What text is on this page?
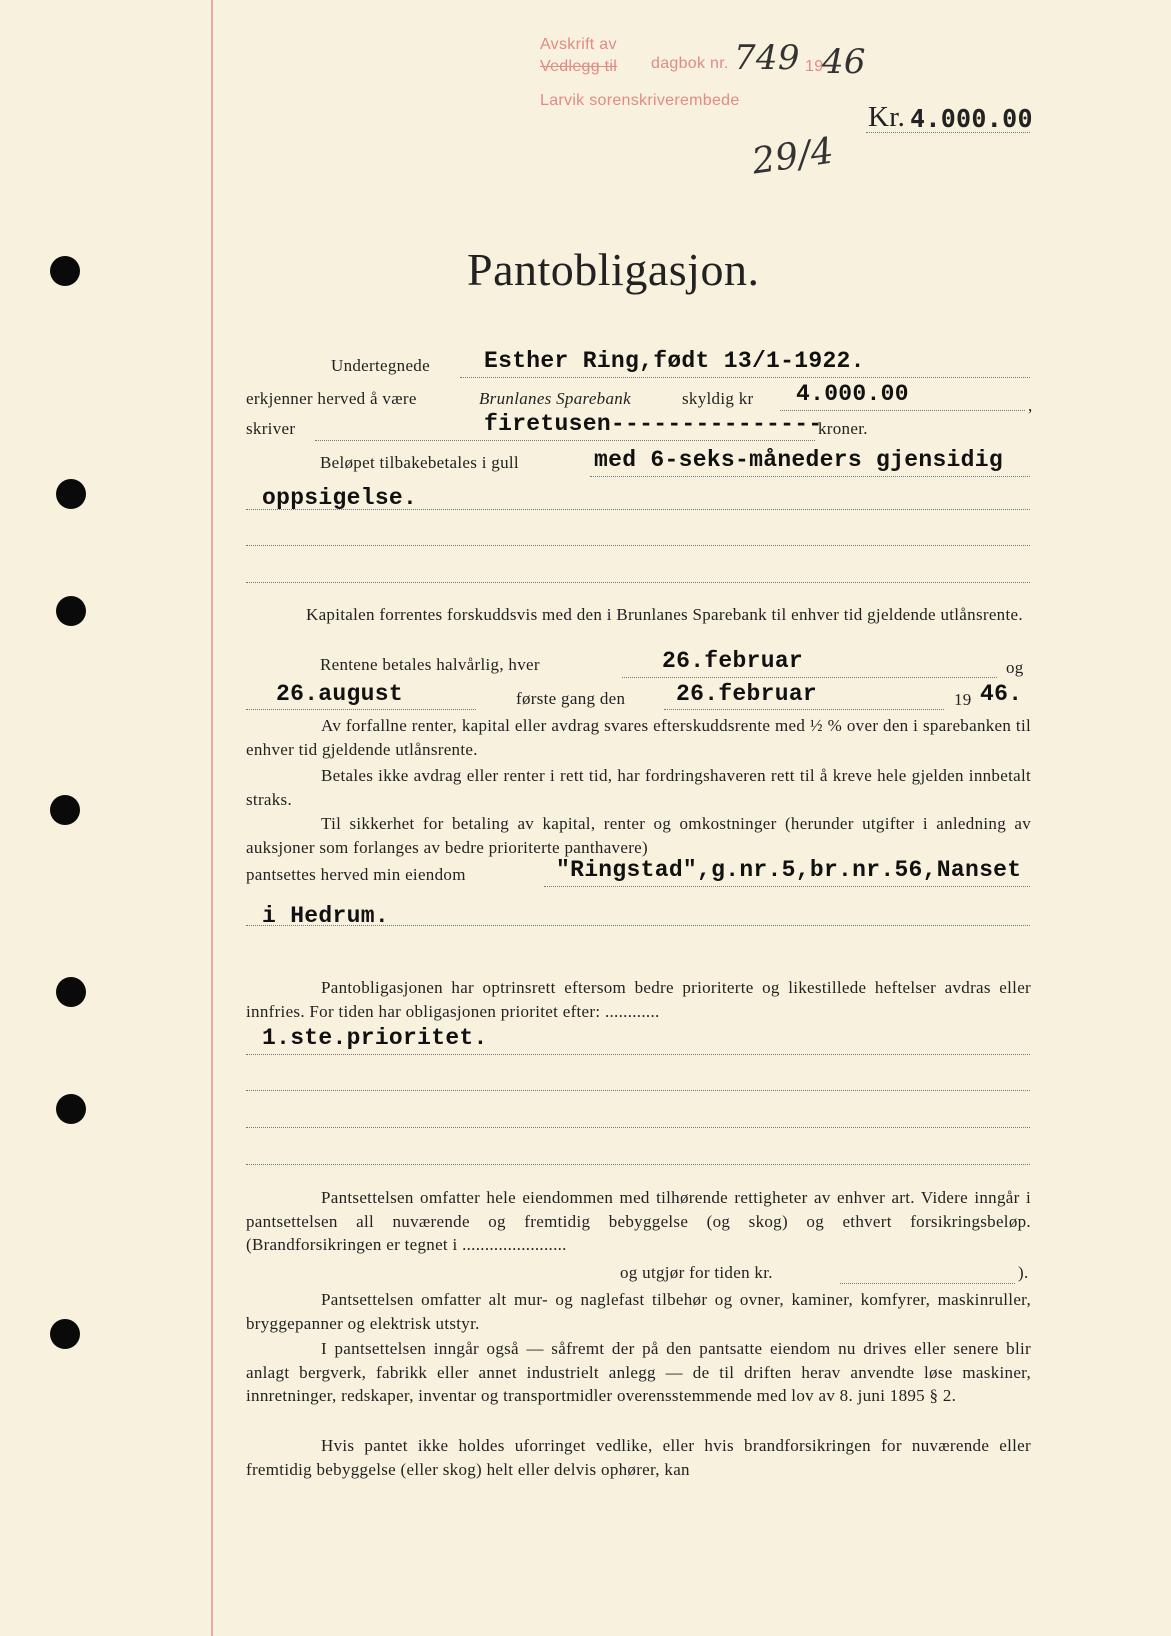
Avskrift av
Vedlegg til dagbok nr. 749 19
46
Larvik sorenskriverembede
29/4
Kr. 4.000.00
Pantobligasjon.
Undertegnede Esther Ring,født 13/1-1922.
erkjenner herved å være	Brunlanes Sparebank	skyldig kr 4.000.00	,
skriver	firetusen---------------
kroner.
Beløpet tilbakebetales i gull	med 6-seks-måneders gjensidig
oppsigelse.
Kapitalen forrentes forskuddsvis med den i Brunlanes Sparebank til enhver tid gjeldende utlånsrente.
Rentene betales halvårlig, hver	26.februar	og
26.august	første gang den 26.februar	19 46.
Av forfallne renter, kapital eller avdrag svares efterskuddsrente med ½ % over den i sparebanken til enhver tid gjeldende utlånsrente.
Betales ikke avdrag eller renter i rett tid, har fordringshaveren rett til å kreve hele gjelden innbetalt straks.
Til sikkerhet for betaling av kapital, renter og omkostninger (herunder utgifter i anledning av auksjoner som forlanges av bedre prioriterte panthavere)
pantsettes herved min eiendom	"Ringstad",g.nr.5,br.nr.56,Nanset
i Hedrum.
Pantobligasjonen har optrinsrett eftersom bedre prioriterte og likestillede heftelser avdras eller innfries. For tiden har obligasjonen prioritet efter: ............
1.ste.prioritet.
Pantsettelsen omfatter hele eiendommen med tilhørende rettigheter av enhver art. Videre inngår i pantsettelsen all nuværende og fremtidig bebyggelse (og skog) og ethvert forsikringsbeløp. (Brandforsikringen er tegnet i .......................
og utgjør for tiden kr.	).
Pantsettelsen omfatter alt mur- og naglefast tilbehør og ovner, kaminer, komfyrer, maskinruller, bryggepanner og elektrisk utstyr.
I pantsettelsen inngår også — såfremt der på den pantsatte eiendom nu drives eller senere blir anlagt bergverk, fabrikk eller annet industrielt anlegg — de til driften herav anvendte løse maskiner, innretninger, redskaper, inventar og transportmidler overensstemmende med lov av 8. juni 1895 § 2.
Hvis pantet ikke holdes uforringet vedlike, eller hvis brandforsikringen for nuværende eller fremtidig bebyggelse (eller skog) helt eller delvis ophører, kan
